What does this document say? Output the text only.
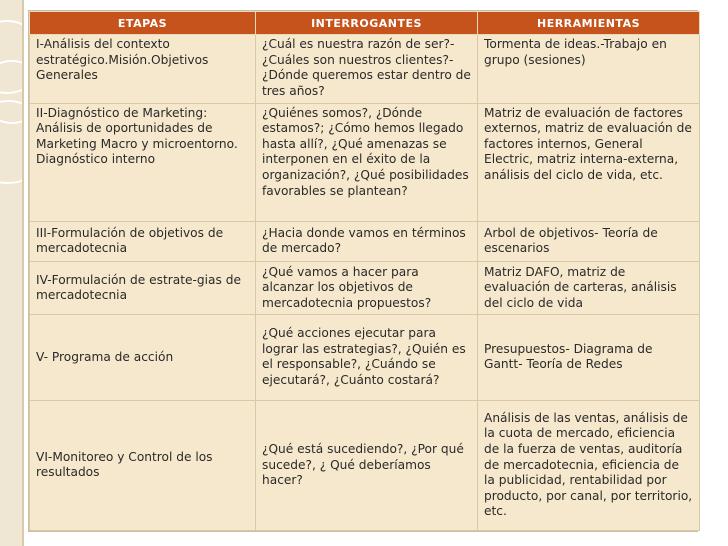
ETAPAS	INTERROGANTES	HERRAMIENTAS
I-Análisis del contexto estratégico.Misión.Objetivos Generales	¿Cuál es nuestra razón de ser?- ¿Cuáles son nuestros clientes?- ¿Dónde queremos estar dentro de tres años?	Tormenta de ideas.-Trabajo en grupo (sesiones)
II-Diagnóstico de Marketing: Análisis de oportunidades de Marketing Macro y microentorno. Diagnóstico interno	¿Quiénes somos?, ¿Dónde estamos?; ¿Cómo hemos llegado hasta allí?, ¿Qué amenazas se interponen en el éxito de la organización?, ¿Qué posibilidades favorables se plantean?	Matriz de evaluación de factores externos, matriz de evaluación de factores internos, General Electric, matriz interna-externa, análisis del ciclo de vida, etc.
III-Formulación de objetivos de mercadotecnia	¿Hacia donde vamos en términos de mercado?	Arbol de objetivos- Teoría de escenarios
IV-Formulación de estrate-gias de mercadotecnia	¿Qué vamos a hacer para alcanzar los objetivos de mercadotecnia propuestos?	Matriz DAFO, matriz de evaluación de carteras, análisis del ciclo de vida
V- Programa de acción	¿Qué acciones ejecutar para lograr las estrategias?, ¿Quién es el responsable?, ¿Cuándo se ejecutará?, ¿Cuánto costará?	Presupuestos- Diagrama de Gantt- Teoría de Redes
VI-Monitoreo y Control de los resultados	¿Qué está sucediendo?, ¿Por qué sucede?, ¿ Qué deberíamos hacer?	Análisis de las ventas, análisis de la cuota de mercado, eficiencia de la fuerza de ventas, auditoría de mercadotecnia, eficiencia de la publicidad, rentabilidad por producto, por canal, por territorio, etc.
